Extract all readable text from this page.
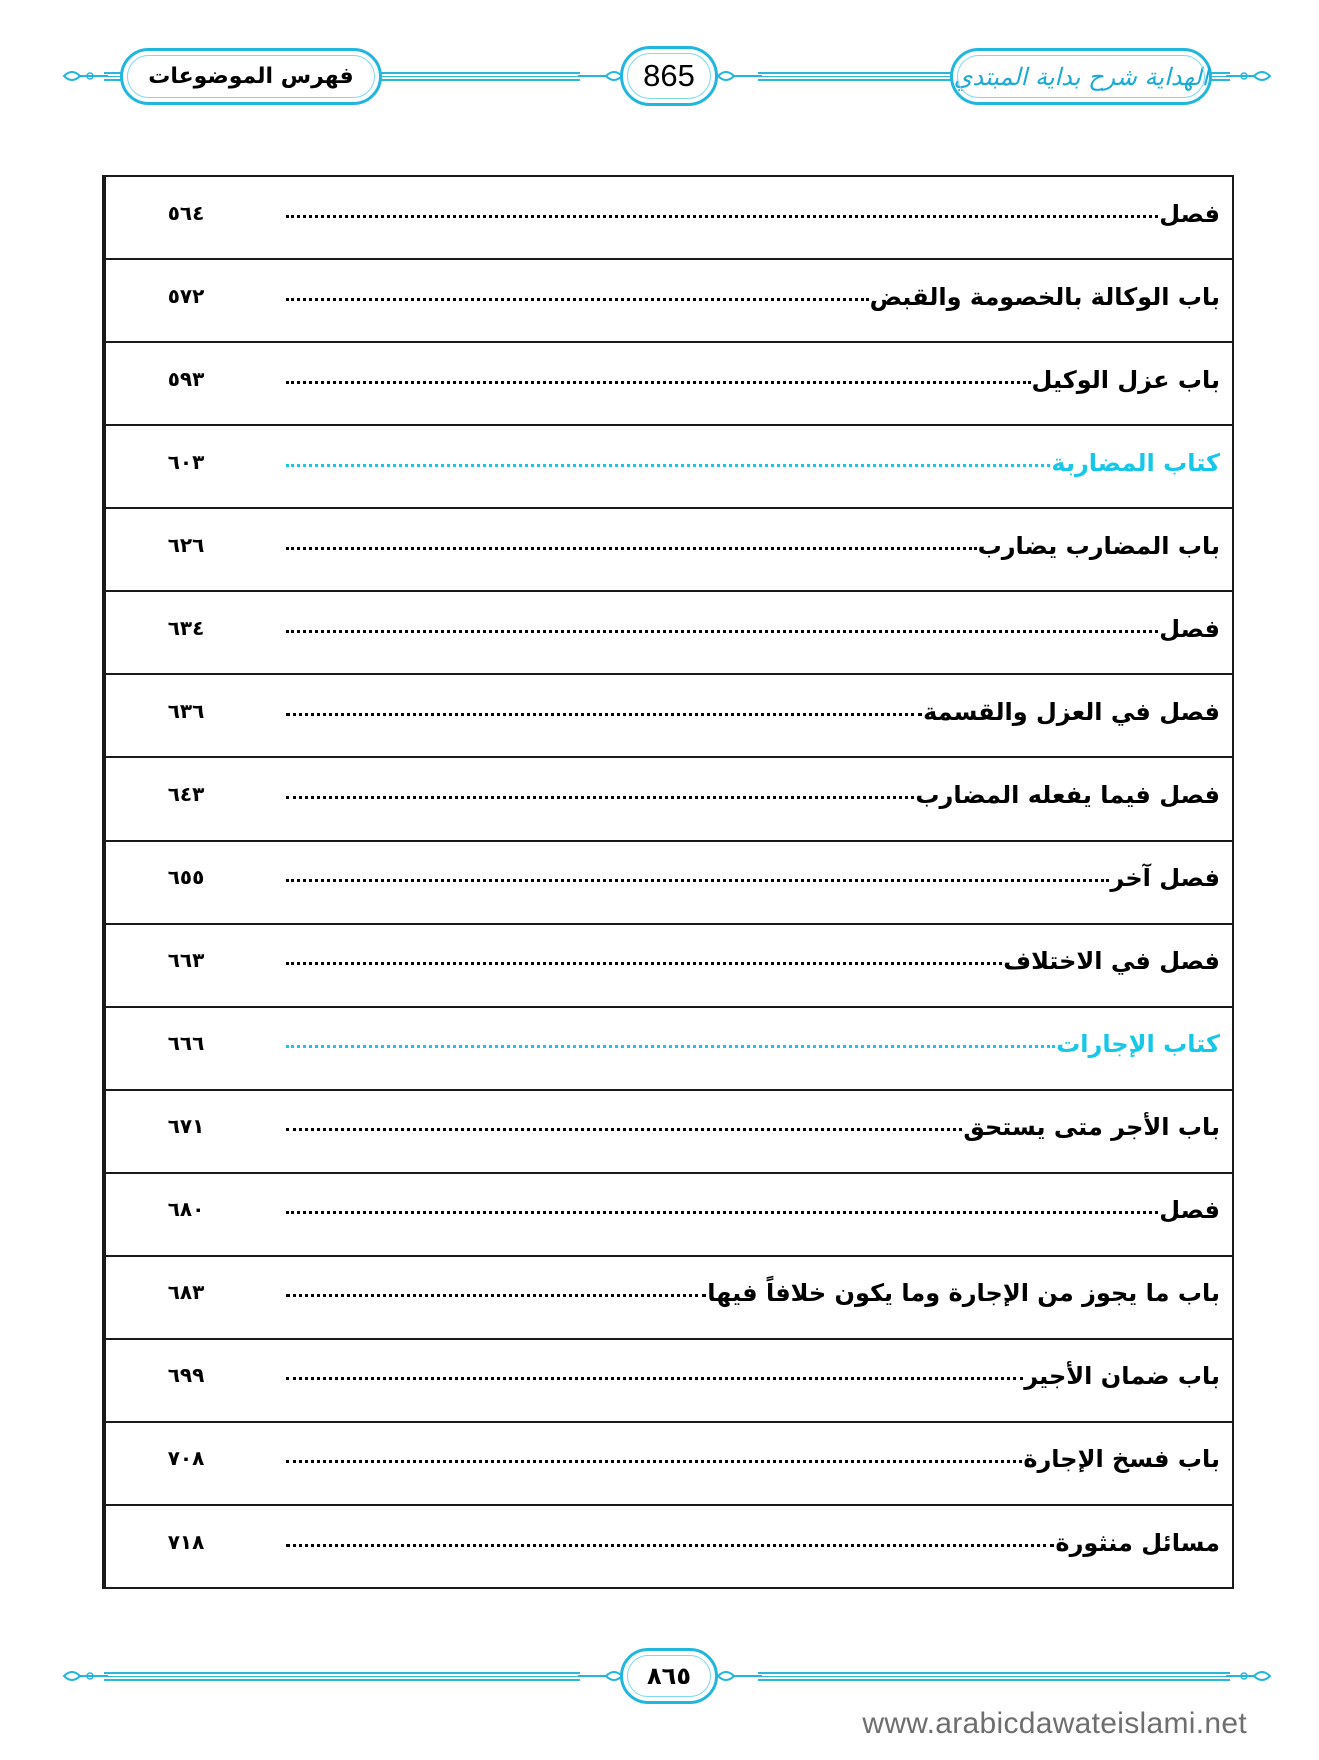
فهرس الموضوعات	865	الهداية شرح بداية المبتدي
٥٦٤	فصل
٥٧٢	باب الوكالة بالخصومة والقبض
٥٩٣	باب عزل الوكيل
٦٠٣	كتاب المضاربة
٦٢٦	باب المضارب يضارب
٦٣٤	فصل
٦٣٦	فصل في العزل والقسمة
٦٤٣	فصل فيما يفعله المضارب
٦٥٥	فصل آخر
٦٦٣	فصل في الاختلاف
٦٦٦	كتاب الإجارات
٦٧١	باب الأجر متى يستحق
٦٨٠	فصل
٦٨٣	باب ما يجوز من الإجارة وما يكون خلافاً فيها
٦٩٩	باب ضمان الأجير
٧٠٨	باب فسخ الإجارة
٧١٨	مسائل منثورة
٨٦٥
www.arabicdawateislami.net
